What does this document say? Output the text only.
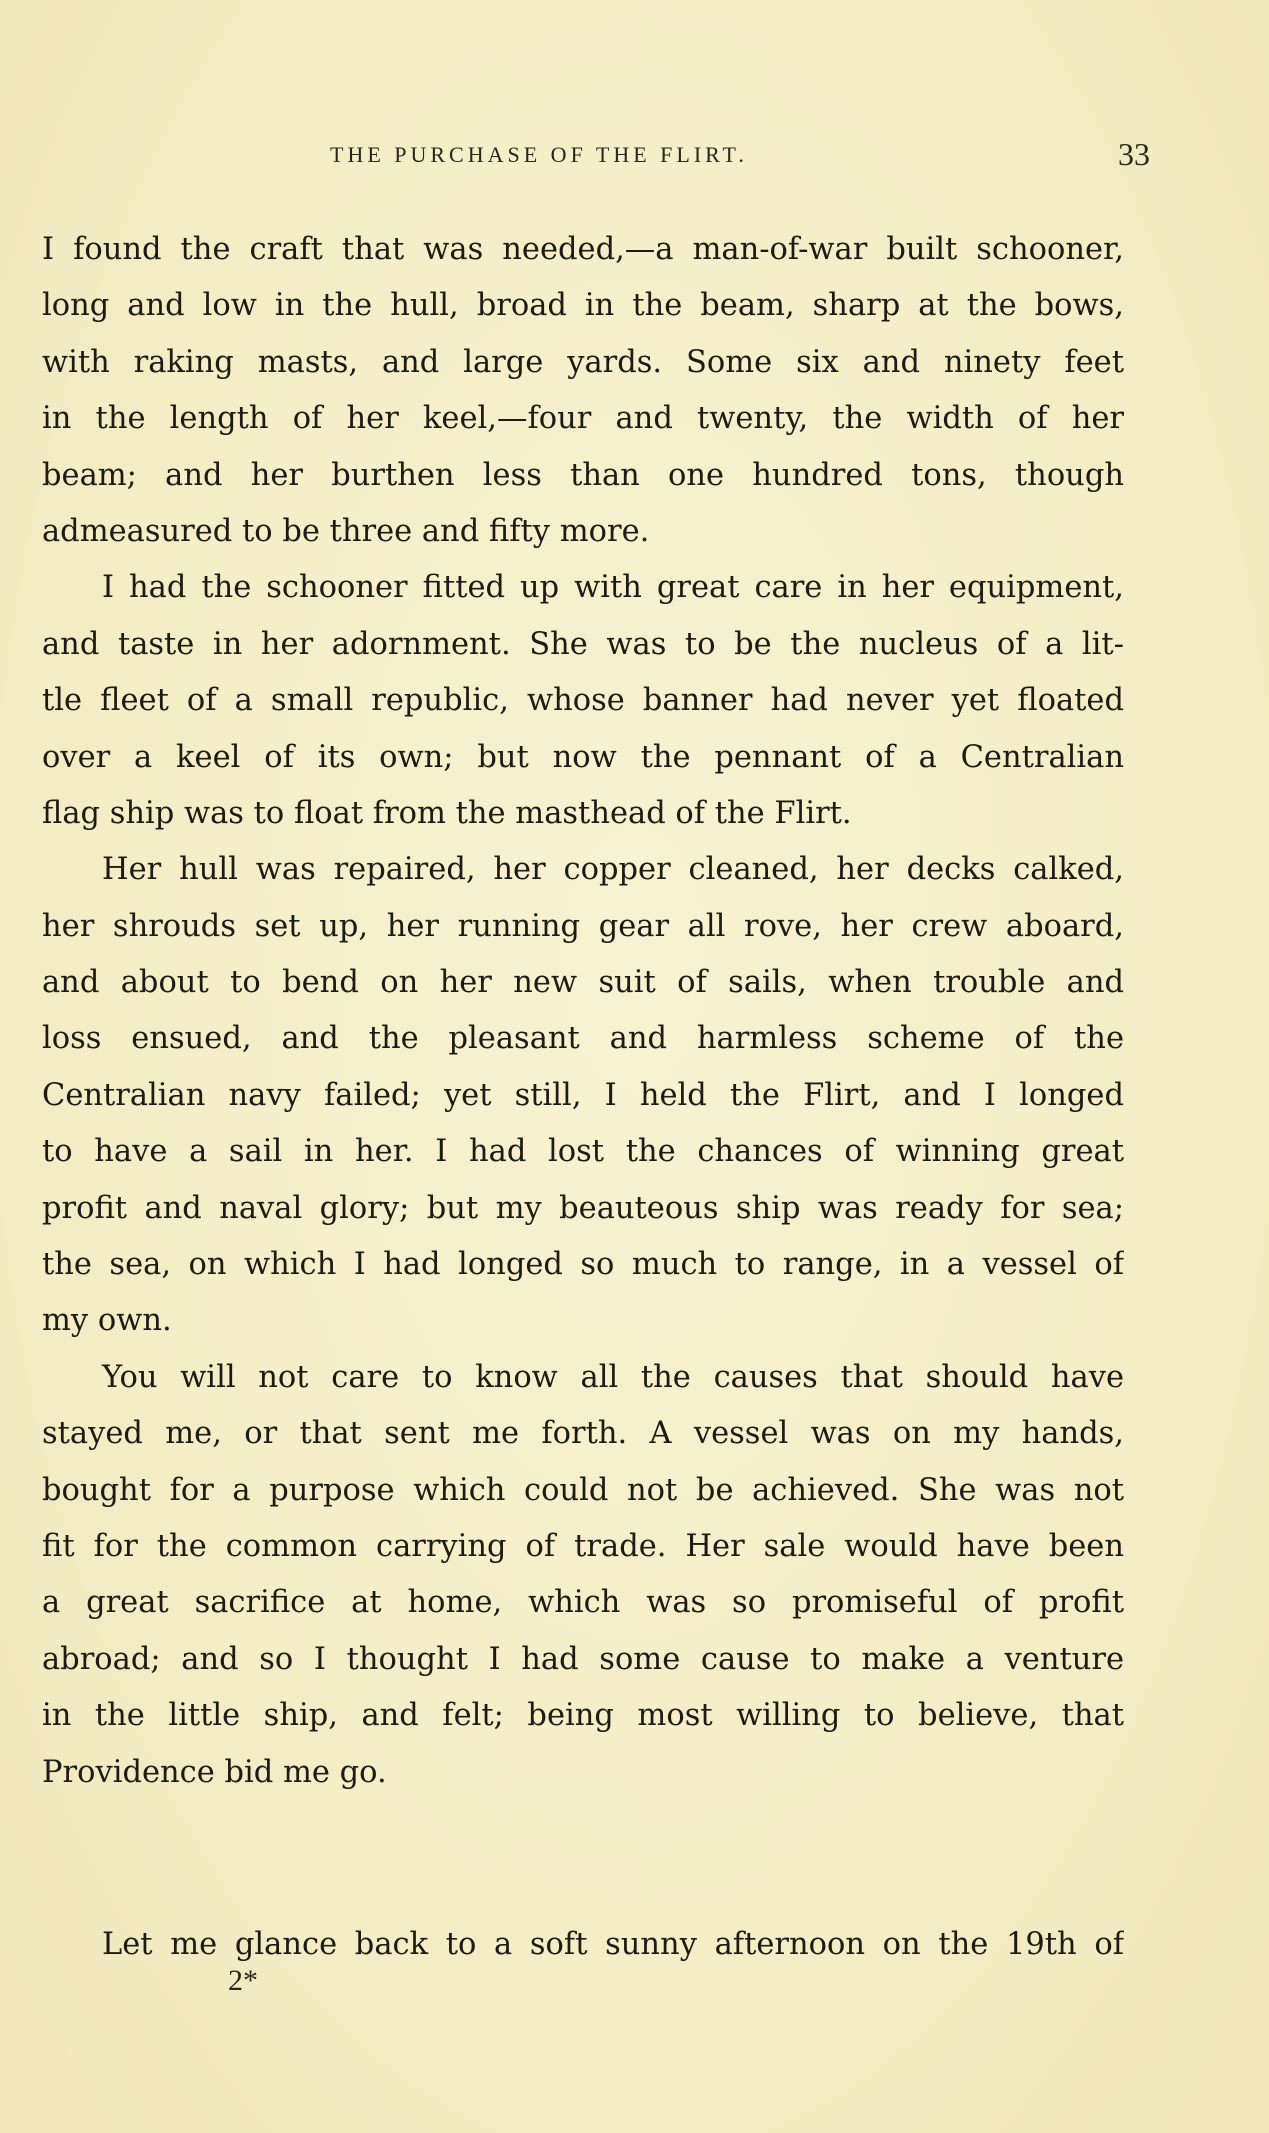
THE PURCHASE OF THE FLIRT.	33
I found the craft that was needed,—a man-of-war built schooner,
long and low in the hull, broad in the beam, sharp at the bows,
with raking masts, and large yards. Some six and ninety feet
in the length of her keel,—four and twenty, the width of her
beam; and her burthen less than one hundred tons, though
admeasured to be three and fifty more.
I had the schooner fitted up with great care in her equipment,
and taste in her adornment. She was to be the nucleus of a lit-
tle fleet of a small republic, whose banner had never yet floated
over a keel of its own; but now the pennant of a Centralian
flag ship was to float from the masthead of the Flirt.
Her hull was repaired, her copper cleaned, her decks calked,
her shrouds set up, her running gear all rove, her crew aboard,
and about to bend on her new suit of sails, when trouble and
loss ensued, and the pleasant and harmless scheme of the
Centralian navy failed; yet still, I held the Flirt, and I longed
to have a sail in her. I had lost the chances of winning great
profit and naval glory; but my beauteous ship was ready for sea;
the sea, on which I had longed so much to range, in a vessel of
my own.
You will not care to know all the causes that should have
stayed me, or that sent me forth. A vessel was on my hands,
bought for a purpose which could not be achieved. She was not
fit for the common carrying of trade. Her sale would have been
a great sacrifice at home, which was so promiseful of profit
abroad; and so I thought I had some cause to make a venture
in the little ship, and felt; being most willing to believe, that
Providence bid me go.
Let me glance back to a soft sunny afternoon on the 19th of
2*
